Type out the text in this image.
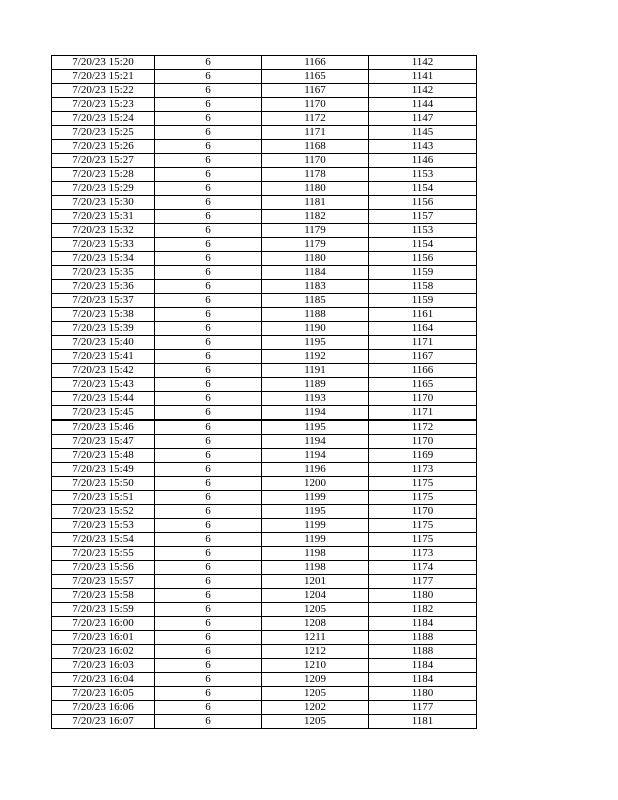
7/20/23 15:20	6	1166	1142
7/20/23 15:21	6	1165	1141
7/20/23 15:22	6	1167	1142
7/20/23 15:23	6	1170	1144
7/20/23 15:24	6	1172	1147
7/20/23 15:25	6	1171	1145
7/20/23 15:26	6	1168	1143
7/20/23 15:27	6	1170	1146
7/20/23 15:28	6	1178	1153
7/20/23 15:29	6	1180	1154
7/20/23 15:30	6	1181	1156
7/20/23 15:31	6	1182	1157
7/20/23 15:32	6	1179	1153
7/20/23 15:33	6	1179	1154
7/20/23 15:34	6	1180	1156
7/20/23 15:35	6	1184	1159
7/20/23 15:36	6	1183	1158
7/20/23 15:37	6	1185	1159
7/20/23 15:38	6	1188	1161
7/20/23 15:39	6	1190	1164
7/20/23 15:40	6	1195	1171
7/20/23 15:41	6	1192	1167
7/20/23 15:42	6	1191	1166
7/20/23 15:43	6	1189	1165
7/20/23 15:44	6	1193	1170
7/20/23 15:45	6	1194	1171
7/20/23 15:46	6	1195	1172
7/20/23 15:47	6	1194	1170
7/20/23 15:48	6	1194	1169
7/20/23 15:49	6	1196	1173
7/20/23 15:50	6	1200	1175
7/20/23 15:51	6	1199	1175
7/20/23 15:52	6	1195	1170
7/20/23 15:53	6	1199	1175
7/20/23 15:54	6	1199	1175
7/20/23 15:55	6	1198	1173
7/20/23 15:56	6	1198	1174
7/20/23 15:57	6	1201	1177
7/20/23 15:58	6	1204	1180
7/20/23 15:59	6	1205	1182
7/20/23 16:00	6	1208	1184
7/20/23 16:01	6	1211	1188
7/20/23 16:02	6	1212	1188
7/20/23 16:03	6	1210	1184
7/20/23 16:04	6	1209	1184
7/20/23 16:05	6	1205	1180
7/20/23 16:06	6	1202	1177
7/20/23 16:07	6	1205	1181
